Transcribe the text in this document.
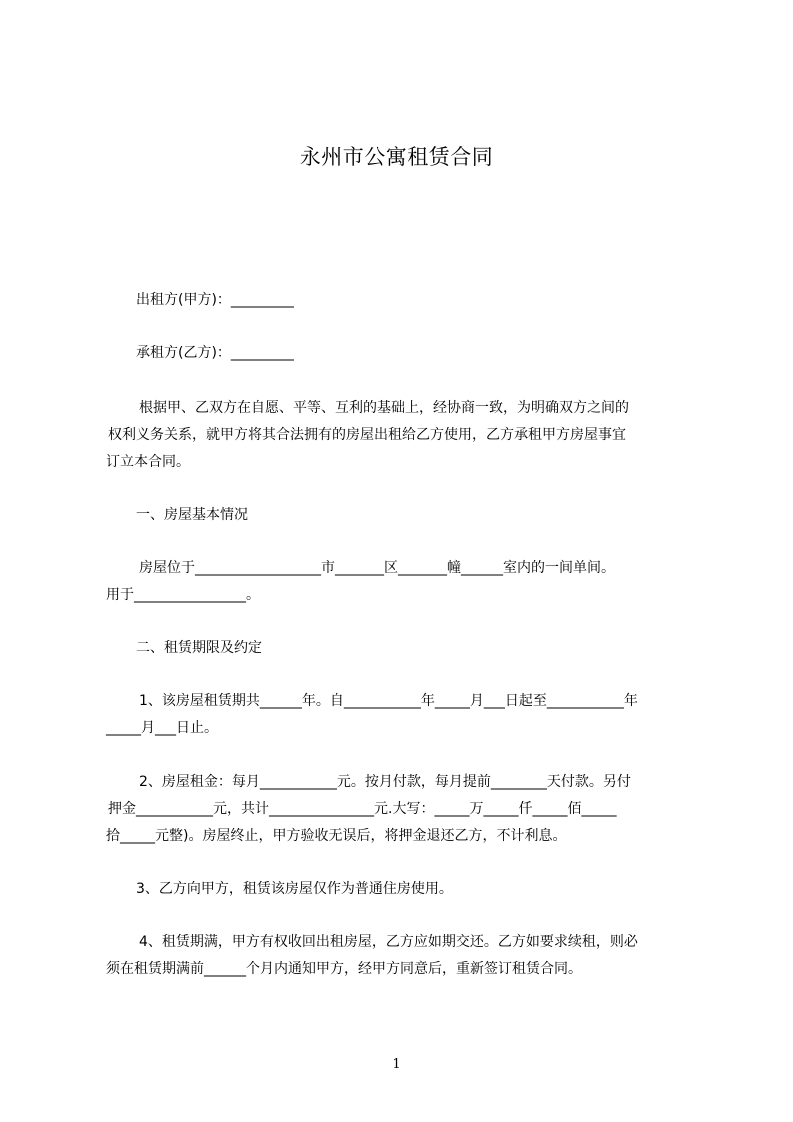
永州市公寓租赁合同

出租方(甲方)：_________

承租方(乙方)：_________

根据甲、乙双方在自愿、平等、互利的基础上，经协商一致，为明确双方之间的

权利义务关系，就甲方将其合法拥有的房屋出租给乙方使用，乙方承租甲方房屋事宜

订立本合同。

一、房屋基本情况

房屋位于__________________市_______区_______幢______室内的一间单间。

用于________________。

二、租赁期限及约定

1、该房屋租赁期共______年。自___________年_____月___日起至___________年

_____月___日止。

2、房屋租金：每月___________元。按月付款，每月提前________天付款。另付

押金___________元，共计_______________元.大写：_____万_____仟_____佰_____

拾_____元整)。房屋终止，甲方验收无误后，将押金退还乙方，不计利息。

3、乙方向甲方，租赁该房屋仅作为普通住房使用。

4、租赁期满，甲方有权收回出租房屋，乙方应如期交还。乙方如要求续租，则必

须在租赁期满前______个月内通知甲方，经甲方同意后，重新签订租赁合同。

1
